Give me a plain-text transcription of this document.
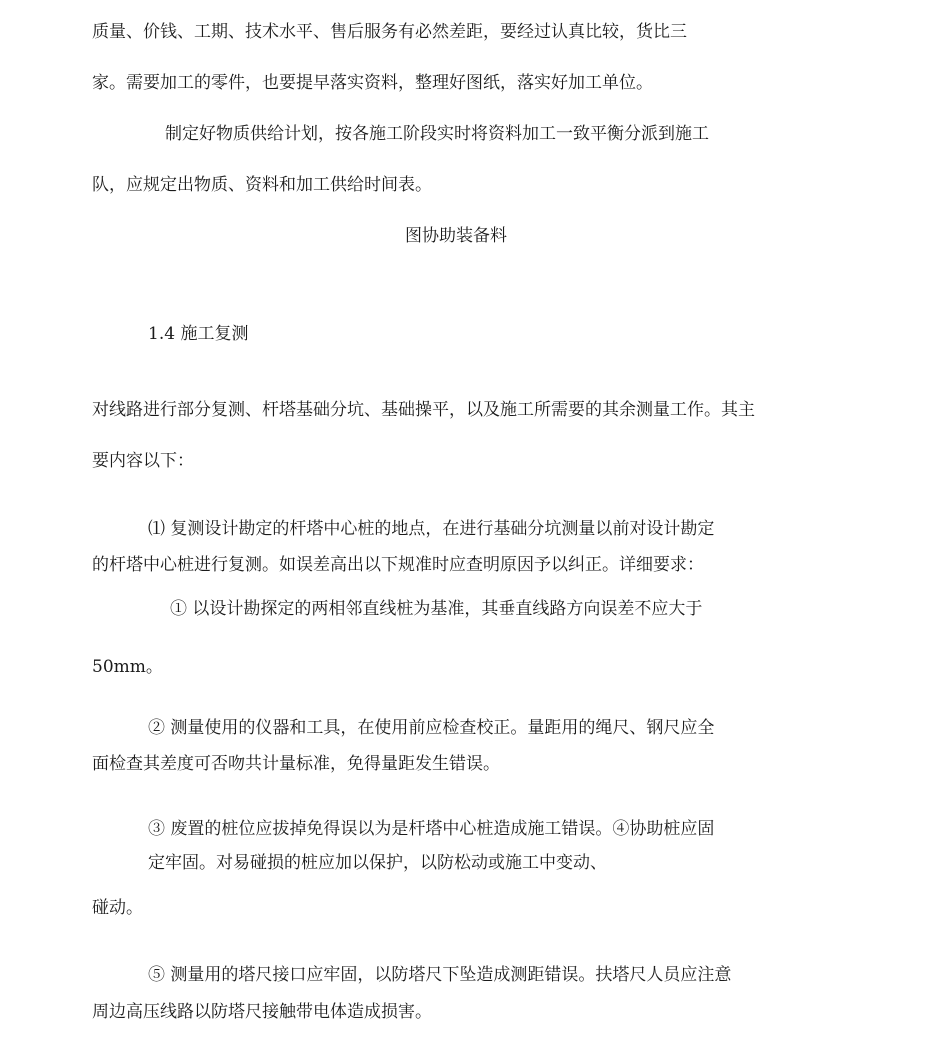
质量、价钱、工期、技术水平、售后服务有必然差距，要经过认真比较，货比三
家。需要加工的零件，也要提早落实资料，整理好图纸，落实好加工单位。
制定好物质供给计划，按各施工阶段实时将资料加工一致平衡分派到施工
队，应规定出物质、资料和加工供给时间表。
图协助装备料
1.4 施工复测
对线路进行部分复测、杆塔基础分坑、基础操平，以及施工所需要的其余测量工作。其主
要内容以下：
⑴ 复测设计勘定的杆塔中心桩的地点，在进行基础分坑测量以前对设计勘定
的杆塔中心桩进行复测。如误差高出以下规准时应查明原因予以纠正。详细要求：
① 以设计勘探定的两相邻直线桩为基准，其垂直线路方向误差不应大于
50mm。
② 测量使用的仪器和工具，在使用前应检查校正。量距用的绳尺、钢尺应全
面检查其差度可否吻共计量标准，免得量距发生错误。
③ 废置的桩位应拔掉免得误以为是杆塔中心桩造成施工错误。④协助桩应固
定牢固。对易碰损的桩应加以保护，以防松动或施工中变动、
碰动。
⑤ 测量用的塔尺接口应牢固，以防塔尺下坠造成测距错误。扶塔尺人员应注意
周边高压线路以防塔尺接触带电体造成损害。
